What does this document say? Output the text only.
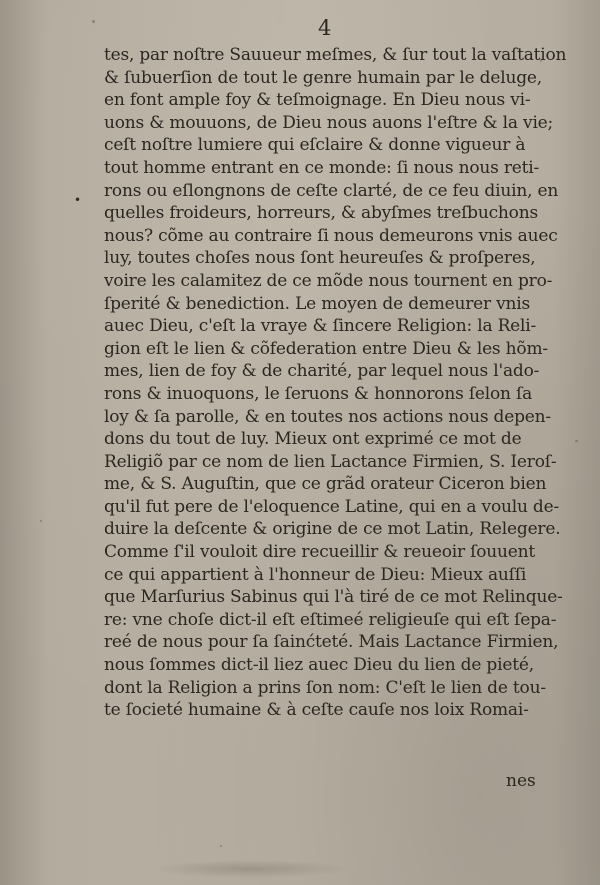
4
•
tes, par noſtre Sauueur meſmes, & ſur tout la vaſtation
& ſubuerſion de tout le genre humain par le deluge,
en font ample foy & teſmoignage. En Dieu nous vi-
uons & mouuons, de Dieu nous auons l'eſtre & la vie;
ceſt noſtre lumiere qui eſclaire & donne vigueur à
tout homme entrant en ce monde: ſi nous nous reti-
rons ou eſlongnons de ceſte clarté, de ce feu diuin, en
quelles froideurs, horreurs, & abyſmes treſbuchons
nous? cõme au contraire ſi nous demeurons vnis auec
luy, toutes choſes nous ſont heureuſes & proſperes,
voire les calamitez de ce mõde nous tournent en pro-
ſperité & benediction. Le moyen de demeurer vnis
auec Dieu, c'eſt la vraye & ſincere Religion: la Reli-
gion eſt le lien & cõfederation entre Dieu & les hõm-
mes, lien de foy & de charité, par lequel nous l'ado-
rons & inuoquons, le ſeruons & honnorons ſelon ſa
loy & ſa parolle, & en toutes nos actions nous depen-
dons du tout de luy. Mieux ont exprimé ce mot de
Religiõ par ce nom de lien Lactance Firmien, S. Ieroſ-
me, & S. Auguſtin, que ce grãd orateur Ciceron bien
qu'il fut pere de l'eloquence Latine, qui en a voulu de-
duire la deſcente & origine de ce mot Latin, Relegere.
Comme ſ'il vouloit dire recueillir & reueoir ſouuent
ce qui appartient à l'honneur de Dieu: Mieux auſſi
que Marſurius Sabinus qui l'à tiré de ce mot Relinque-
re: vne choſe dict-il eſt eſtimeé religieuſe qui eſt ſepa-
reé de nous pour ſa ſainćteté. Mais Lactance Firmien,
nous ſommes dict-il liez auec Dieu du lien de pieté,
dont la Religion a prins ſon nom: C'eſt le lien de tou-
te ſocieté humaine & à ceſte cauſe nos loix Romai-
nes
